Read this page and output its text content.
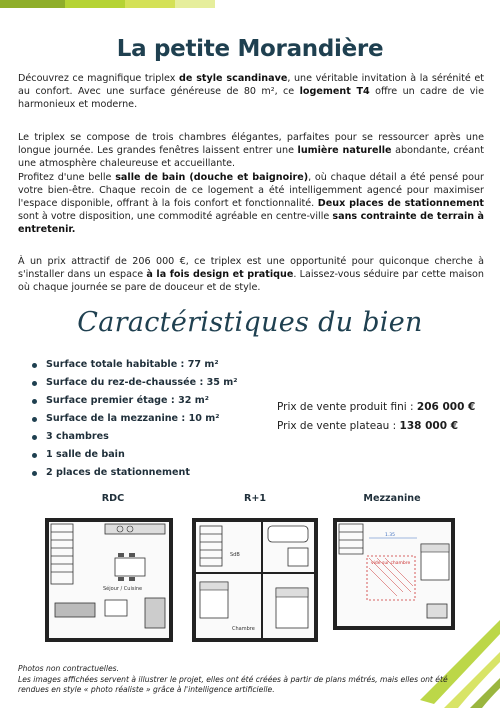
La petite Morandière

Découvrez ce magnifique triplex de style scandinave, une véritable invitation à la sérénité et au confort. Avec une surface généreuse de 80 m², ce logement T4 offre un cadre de vie harmonieux et moderne.

Le triplex se compose de trois chambres élégantes, parfaites pour se ressourcer après une longue journée. Les grandes fenêtres laissent entrer une lumière naturelle abondante, créant une atmosphère chaleureuse et accueillante.

Profitez d'une belle salle de bain (douche et baignoire), où chaque détail a été pensé pour votre bien-être. Chaque recoin de ce logement a été intelligemment agencé pour maximiser l'espace disponible, offrant à la fois confort et fonctionnalité. Deux places de stationnement sont à votre disposition, une commodité agréable en centre-ville sans contrainte de terrain à entretenir.

À un prix attractif de 206 000 €, ce triplex est une opportunité pour quiconque cherche à s'installer dans un espace à la fois design et pratique. Laissez-vous séduire par cette maison où chaque journée se pare de douceur et de style.

Caractéristiques du bien
Surface totale habitable : 77 m²
Surface du rez-de-chaussée : 35 m²
Surface premier étage : 32 m²
Surface de la mezzanine : 10 m²
3 chambres
1 salle de bain
2 places de stationnement
Prix de vente produit fini : 206 000 €
Prix de vente plateau : 138 000 €
RDC	R+1	Mezzanine
Séjour / Cuisine
SdB
Chambre
vide sur chambre
1.35
Photos non contractuelles.
Les images affichées servent à illustrer le projet, elles ont été créées à partir de plans métrés, mais elles ont été rendues en style « photo réaliste » grâce à l'intelligence artificielle.
